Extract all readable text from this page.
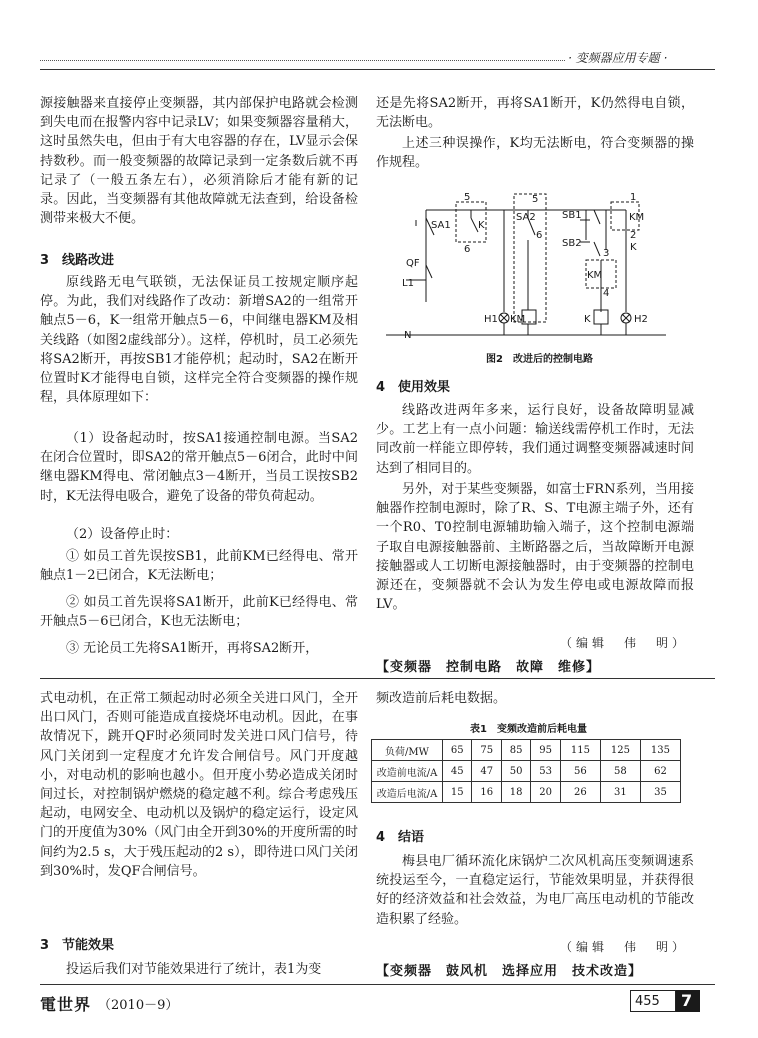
· 变频器应用专题 ·

源接触器来直接停止变频器，其内部保护电路就会检测到失电而在报警内容中记录LV；如果变频器容量稍大，这时虽然失电，但由于有大电容器的存在，LV显示会保持数秒。而一般变频器的故障记录到一定条数后就不再记录了（一般五条左右），必须消除后才能有新的记录。因此，当变频器有其他故障就无法查到，给设备检测带来极大不便。

3　线路改进

原线路无电气联锁，无法保证员工按规定顺序起停。为此，我们对线路作了改动：新增SA2的一组常开触点5－6，K一组常开触点5－6，中间继电器KM及相关线路（如图2虚线部分）。这样，停机时，员工必须先将SA2断开，再按SB1才能停机；起动时，SA2在断开位置时K才能得电自锁，这样完全符合变频器的操作规程，具体原理如下：

（1）设备起动时，按SA1接通控制电源。当SA2在闭合位置时，即SA2的常开触点5－6闭合，此时中间继电器KM得电、常闭触点3－4断开，当员工误按SB2时，K无法得电吸合，避免了设备的带负荷起动。

（2）设备停止时：

① 如员工首先误按SB1，此前KM已经得电、常开触点1－2已闭合，K无法断电；

② 如员工首先误将SA1断开，此前K已经得电、常开触点5－6已闭合，K也无法断电；

③ 无论员工先将SA1断开，再将SA2断开，

还是先将SA2断开，再将SA1断开，K仍然得电自锁，无法断电。

上述三种误操作，K均无法断电，符合变频器的操作规程。

SA1
5
K
6
QF
L1
N
SA2
5
6
SB1
SB2
1
KM
2
K
3
KM
4
H1 KM	K	H2
图2　改进后的控制电路
4　使用效果

线路改进两年多来，运行良好，设备故障明显减少。工艺上有一点小问题：输送线需停机工作时，无法同改前一样能立即停转，我们通过调整变频器减速时间达到了相同目的。

另外，对于某些变频器，如富士FRN系列，当用接触器作控制电源时，除了R、S、T电源主端子外，还有一个R0、T0控制电源辅助输入端子，这个控制电源端子取自电源接触器前、主断路器之后，当故障断开电源接触器或人工切断电源接触器时，由于变频器的控制电源还在，变频器就不会认为发生停电或电源故障而报LV。

（编辑　伟　明）
【变频器　控制电路　故障　维修】

式电动机，在正常工频起动时必须全关进口风门，全开出口风门，否则可能造成直接烧坏电动机。因此，在事故情况下，跳开QF时必须同时发关进口风门信号，待风门关闭到一定程度才允许发合闸信号。风门开度越小，对电动机的影响也越小。但开度小势必造成关闭时间过长，对控制锅炉燃烧的稳定越不利。综合考虑残压起动，电网安全、电动机以及锅炉的稳定运行，设定风门的开度值为30%（风门由全开到30%的开度所需的时间约为2.5 s，大于残压起动的2 s），即待进口风门关闭到30%时，发QF合闸信号。

3　节能效果

投运后我们对节能效果进行了统计，表1为变

频改造前后耗电数据。

表1　变频改造前后耗电量
负荷/MW	65	75	85	95	115	125	135
改造前电流/A	45	47	50	53	56	58	62
改造后电流/A	15	16	18	20	26	31	35
4　结语

梅县电厂循环流化床锅炉二次风机高压变频调速系统投运至今，一直稳定运行，节能效果明显，并获得很好的经济效益和社会效益，为电厂高压电动机的节能改造积累了经验。

（编辑　伟　明）
【变频器　鼓风机　选择应用　技术改造】
電世界 （2010－9）	455 7
